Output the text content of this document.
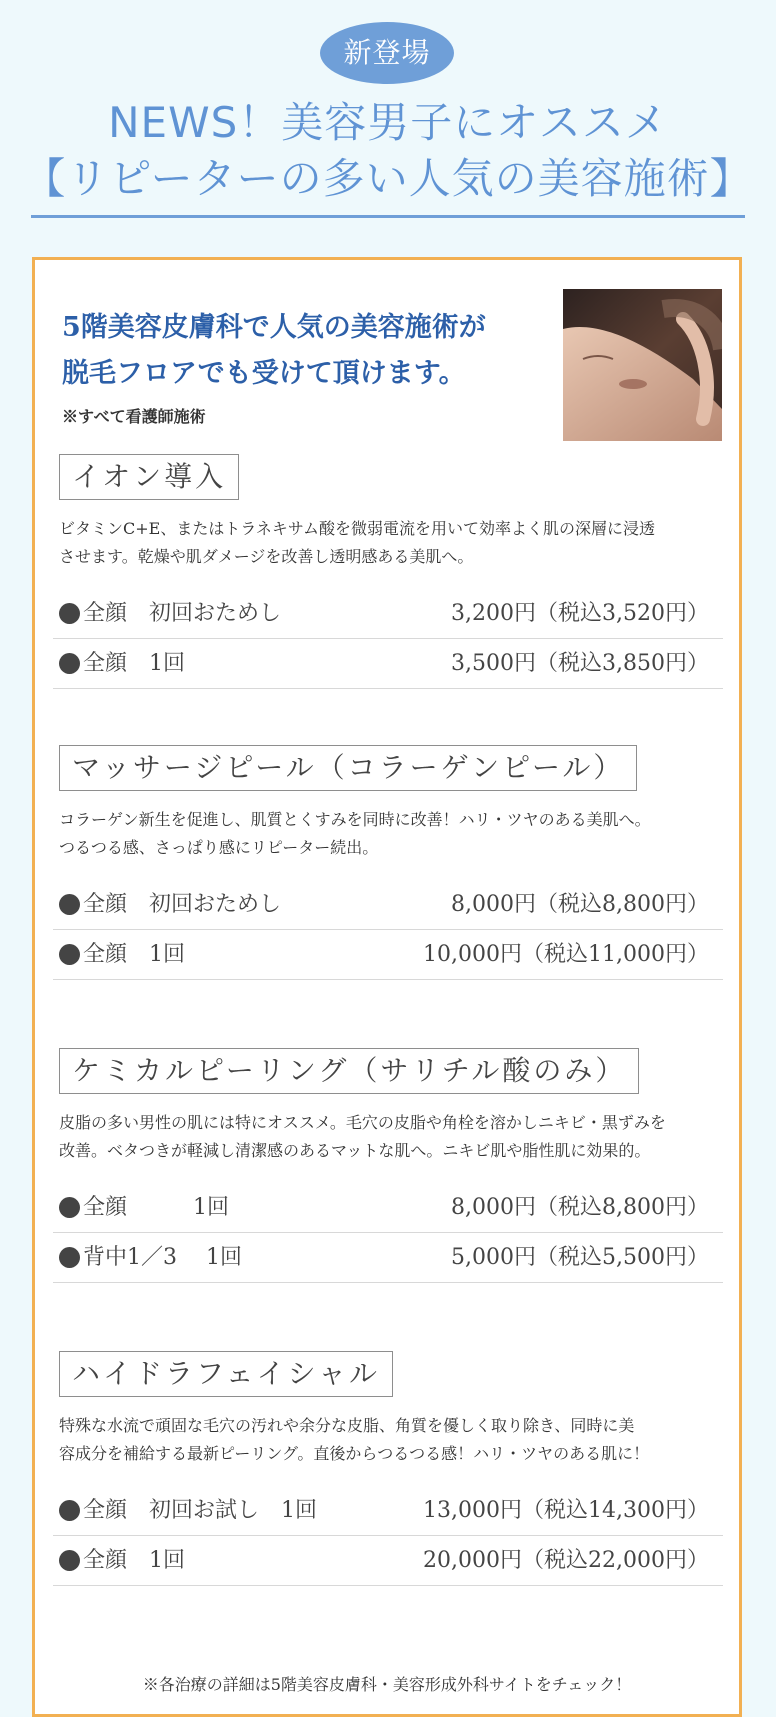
新登場
NEWS！美容男子にオススメ
【リピーターの多い人気の美容施術】
5階美容皮膚科で人気の美容施術が
脱毛フロアでも受けて頂けます。
※すべて看護師施術
イオン導入

ビタミンC+E、またはトラネキサム酸を微弱電流を用いて効率よく肌の深層に浸透
させます。乾燥や肌ダメージを改善し透明感ある美肌へ。

全顔　初回おためし	3,200円（税込3,520円）
全顔　1回	3,500円（税込3,850円）
マッサージピール（コラーゲンピール）

コラーゲン新生を促進し、肌質とくすみを同時に改善！ハリ・ツヤのある美肌へ。
つるつる感、さっぱり感にリピーター続出。

全顔　初回おためし	8,000円（税込8,800円）
全顔　1回	10,000円（税込11,000円）
ケミカルピーリング（サリチル酸のみ）

皮脂の多い男性の肌には特にオススメ。毛穴の皮脂や角栓を溶かしニキビ・黒ずみを
改善。ベタつきが軽減し清潔感のあるマットな肌へ。ニキビ肌や脂性肌に効果的。

全顔　　　1回	8,000円（税込8,800円）
背中1／3　 1回	5,000円（税込5,500円）
ハイドラフェイシャル

特殊な水流で頑固な毛穴の汚れや余分な皮脂、角質を優しく取り除き、同時に美
容成分を補給する最新ピーリング。直後からつるつる感！ハリ・ツヤのある肌に！

全顔　初回お試し　1回	13,000円（税込14,300円）
全顔　1回	20,000円（税込22,000円）
※各治療の詳細は5階美容皮膚科・美容形成外科サイトをチェック！
